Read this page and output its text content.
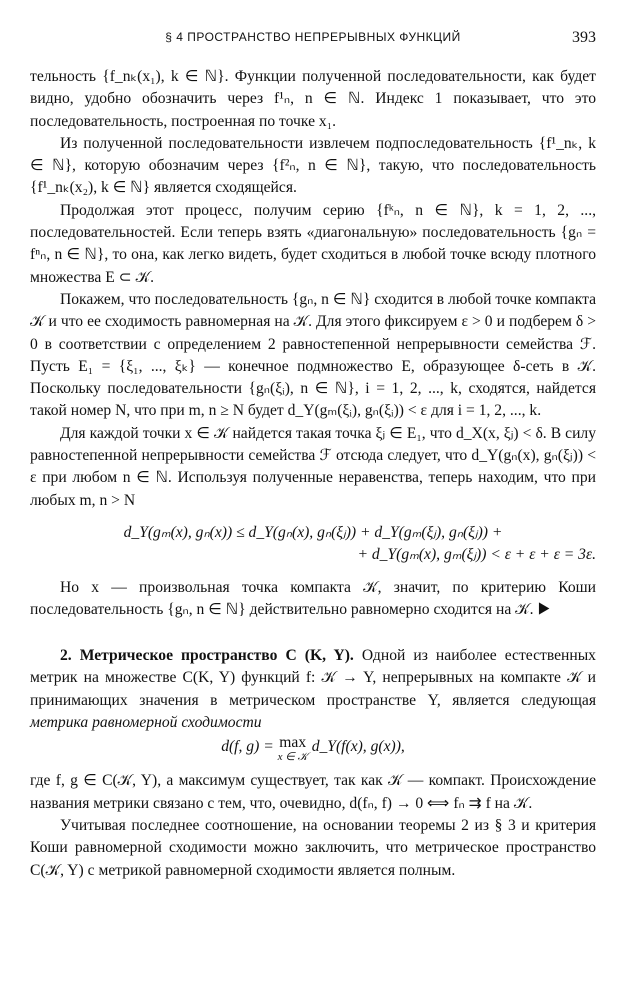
§ 4 ПРОСТРАНСТВО НЕПРЕРЫВНЫХ ФУНКЦИЙ	393

тельность {f_nₖ(x₁), k ∈ ℕ}. Функции полученной последовательности, как будет видно, удобно обозначить через f¹ₙ, n ∈ ℕ. Индекс 1 показывает, что это последовательность, построенная по точке x₁.

Из полученной последовательности извлечем подпоследовательность {f¹_nₖ, k ∈ ℕ}, которую обозначим через {f²ₙ, n ∈ ℕ}, такую, что последовательность {f¹_nₖ(x₂), k ∈ ℕ} является сходящейся.

Продолжая этот процесс, получим серию {fᵏₙ, n ∈ ℕ}, k = 1, 2, ..., последовательностей. Если теперь взять «диагональную» последовательность {gₙ = fⁿₙ, n ∈ ℕ}, то она, как легко видеть, будет сходиться в любой точке всюду плотного множества E ⊂ 𝒦.

Покажем, что последовательность {gₙ, n ∈ ℕ} сходится в любой точке компакта 𝒦 и что ее сходимость равномерная на 𝒦. Для этого фиксируем ε > 0 и подберем δ > 0 в соответствии с определением 2 равностепенной непрерывности семейства ℱ. Пусть E₁ = {ξ₁, ..., ξₖ} — конечное подмножество E, образующее δ-сеть в 𝒦. Поскольку последовательности {gₙ(ξᵢ), n ∈ ℕ}, i = 1, 2, ..., k, сходятся, найдется такой номер N, что при m, n ≥ N будет d_Y(gₘ(ξᵢ), gₙ(ξᵢ)) < ε для i = 1, 2, ..., k.

Для каждой точки x ∈ 𝒦 найдется такая точка ξⱼ ∈ E₁, что d_X(x, ξⱼ) < δ. В силу равностепенной непрерывности семейства ℱ отсюда следует, что d_Y(gₙ(x), gₙ(ξⱼ)) < ε при любом n ∈ ℕ. Используя полученные неравенства, теперь находим, что при любых m, n > N

d_Y(gₘ(x), gₙ(x)) ≤ d_Y(gₙ(x), gₙ(ξⱼ)) + d_Y(gₘ(ξⱼ), gₙ(ξⱼ)) +

+ d_Y(gₘ(x), gₘ(ξⱼ)) < ε + ε + ε = 3ε.

Но x — произвольная точка компакта 𝒦, значит, по критерию Коши последовательность {gₙ, n ∈ ℕ} действительно равномерно сходится на 𝒦. ▶

2. Метрическое пространство C (K, Y). Одной из наиболее естественных метрик на множестве C(K, Y) функций f: 𝒦 → Y, непрерывных на компакте 𝒦 и принимающих значения в метрическом пространстве Y, является следующая метрика равномерной сходимости

d(f, g) = max
x ∈ 𝒦
d_Y(f(x), g(x)),

где f, g ∈ C(𝒦, Y), а максимум существует, так как 𝒦 — компакт. Происхождение названия метрики связано с тем, что, очевидно, d(fₙ, f) → 0 ⟺ fₙ ⇉ f на 𝒦.

Учитывая последнее соотношение, на основании теоремы 2 из § 3 и критерия Коши равномерной сходимости можно заключить, что метрическое пространство C(𝒦, Y) с метрикой равномерной сходимости является полным.
